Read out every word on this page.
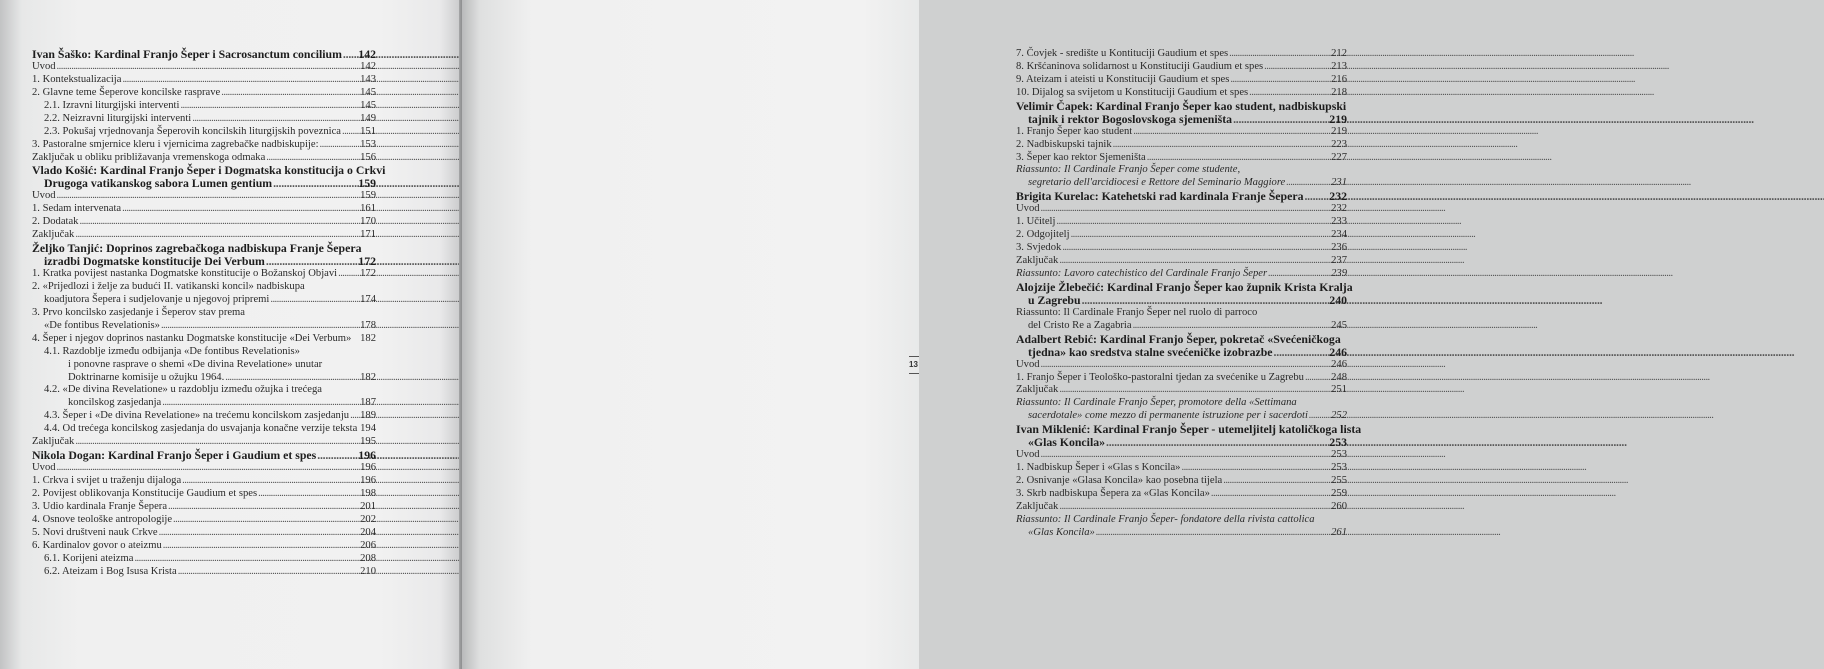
Ivan Šaško: Kardinal Franjo Šeper i Sacrosanctum concilium . . .	142
Uvod . . .	142
1. Kontekstualizacija . . .	143
2. Glavne teme Šeperove koncilske rasprave . . .	145
2.1. Izravni liturgijski interventi . . .	145
2.2. Neizravni liturgijski interventi . . .	149
2.3. Pokušaj vrjednovanja Šeperovih koncilskih liturgijskih poveznica . . .	151
3. Pastoralne smjernice kleru i vjernicima zagrebačke nadbiskupije: . . .	153
Zaključak u obliku približavanja vremenskoga odmaka . . .	156
Vlado Košić: Kardinal Franjo Šeper i Dogmatska konstitucija o Crkvi
Drugoga vatikanskog sabora Lumen gentium . . .	159
Uvod . . .	159
1. Sedam intervenata . . .	161
2. Dodatak . . .	170
Zaključak . . .	171
Željko Tanjić: Doprinos zagrebačkoga nadbiskupa Franje Šepera
izradbi Dogmatske konstitucije Dei Verbum . . .	172
1. Kratka povijest nastanka Dogmatske konstitucije o Božanskoj Objavi . . .	172
2. «Prijedlozi i želje za budući II. vatikanski koncil» nadbiskupa
koadjutora Šepera i sudjelovanje u njegovoj pripremi . . .	174
3. Prvo koncilsko zasjedanje i Šeperov stav prema
«De fontibus Revelationis» . . .	178
4. Šeper i njegov doprinos nastanku Dogmatske konstitucije «Dei Verbum» . . . 182
4.1. Razdoblje između odbijanja «De fontibus Revelationis»
i ponovne rasprave o shemi «De divina Revelatione» unutar
Doktrinarne komisije u ožujku 1964. . . .	182
4.2. «De divina Revelatione» u razdoblju između ožujka i trećega
koncilskog zasjedanja . . .	187
4.3. Šeper i «De divina Revelatione» na trećemu koncilskom zasjedanju . . .	189
4.4. Od trećega koncilskog zasjedanja do usvajanja konačne verzije teksta . . . 194
Zaključak . . .	195
Nikola Dogan: Kardinal Franjo Šeper i Gaudium et spes . . .	196
Uvod . . .	196
1. Crkva i svijet u traženju dijaloga . . .	196
2. Povijest oblikovanja Konstitucije Gaudium et spes . . .	198
3. Udio kardinala Franje Šepera . . .	201
4. Osnove teološke antropologije . . .	202
5. Novi društveni nauk Crkve . . .	204
6. Kardinalov govor o ateizmu . . .	206
6.1. Korijeni ateizma . . .	208
6.2. Ateizam i Bog Isusa Krista . . .	210
7. Čovjek - središte u Kontituciji Gaudium et spes . . .	212
8. Kršćaninova solidarnost u Konstituciji Gaudium et spes . . .	213
9. Ateizam i ateisti u Konstituciji Gaudium et spes . . .	216
10. Dijalog sa svijetom u Konstituciji Gaudium et spes . . .	218
Velimir Čapek: Kardinal Franjo Šeper kao student, nadbiskupski
tajnik i rektor Bogoslovskoga sjemeništa . . .	219
1. Franjo Šeper kao student . . .	219
2. Nadbiskupski tajnik . . .	223
3. Šeper kao rektor Sjemeništa . . .	227
Riassunto: Il Cardinale Franjo Šeper come studente,
segretario dell'arcidiocesi e Rettore del Seminario Maggiore . . .	231
Brigita Kurelac: Katehetski rad kardinala Franje Šepera . . .	232
Uvod . . .	232
1. Učitelj . . .	233
2. Odgojitelj . . .	234
3. Svjedok . . .	236
Zaključak . . .	237
Riassunto: Lavoro catechistico del Cardinale Franjo Šeper . . .	239
Alojzije Žlebečić: Kardinal Franjo Šeper kao župnik Krista Kralja
u Zagrebu . . .	240
Riassunto: Il Cardinale Franjo Šeper nel ruolo di parroco
del Cristo Re a Zagabria . . .	245
Adalbert Rebić: Kardinal Franjo Šeper, pokretač «Svećeničkoga
tjedna» kao sredstva stalne svećeničke izobrazbe . . .	246
Uvod . . .	246
1. Franjo Šeper i Teološko-pastoralni tjedan za svećenike u Zagrebu . . .	248
Zaključak . . .	251
Riassunto: Il Cardinale Franjo Šeper, promotore della «Settimana
sacerdotale» come mezzo di permanente istruzione per i sacerdoti . . .	252
Ivan Miklenić: Kardinal Franjo Šeper - utemeljitelj katoličkoga lista
«Glas Koncila» . . .	253
Uvod . . .	253
1. Nadbiskup Šeper i «Glas s Koncila» . . .	253
2. Osnivanje «Glasa Koncila» kao posebna tijela . . .	255
3. Skrb nadbiskupa Šepera za «Glas Koncila» . . .	259
Zaključak . . .	260
Riassunto: Il Cardinale Franjo Šeper- fondatore della rivista cattolica
«Glas Koncila» . . .	261
13
